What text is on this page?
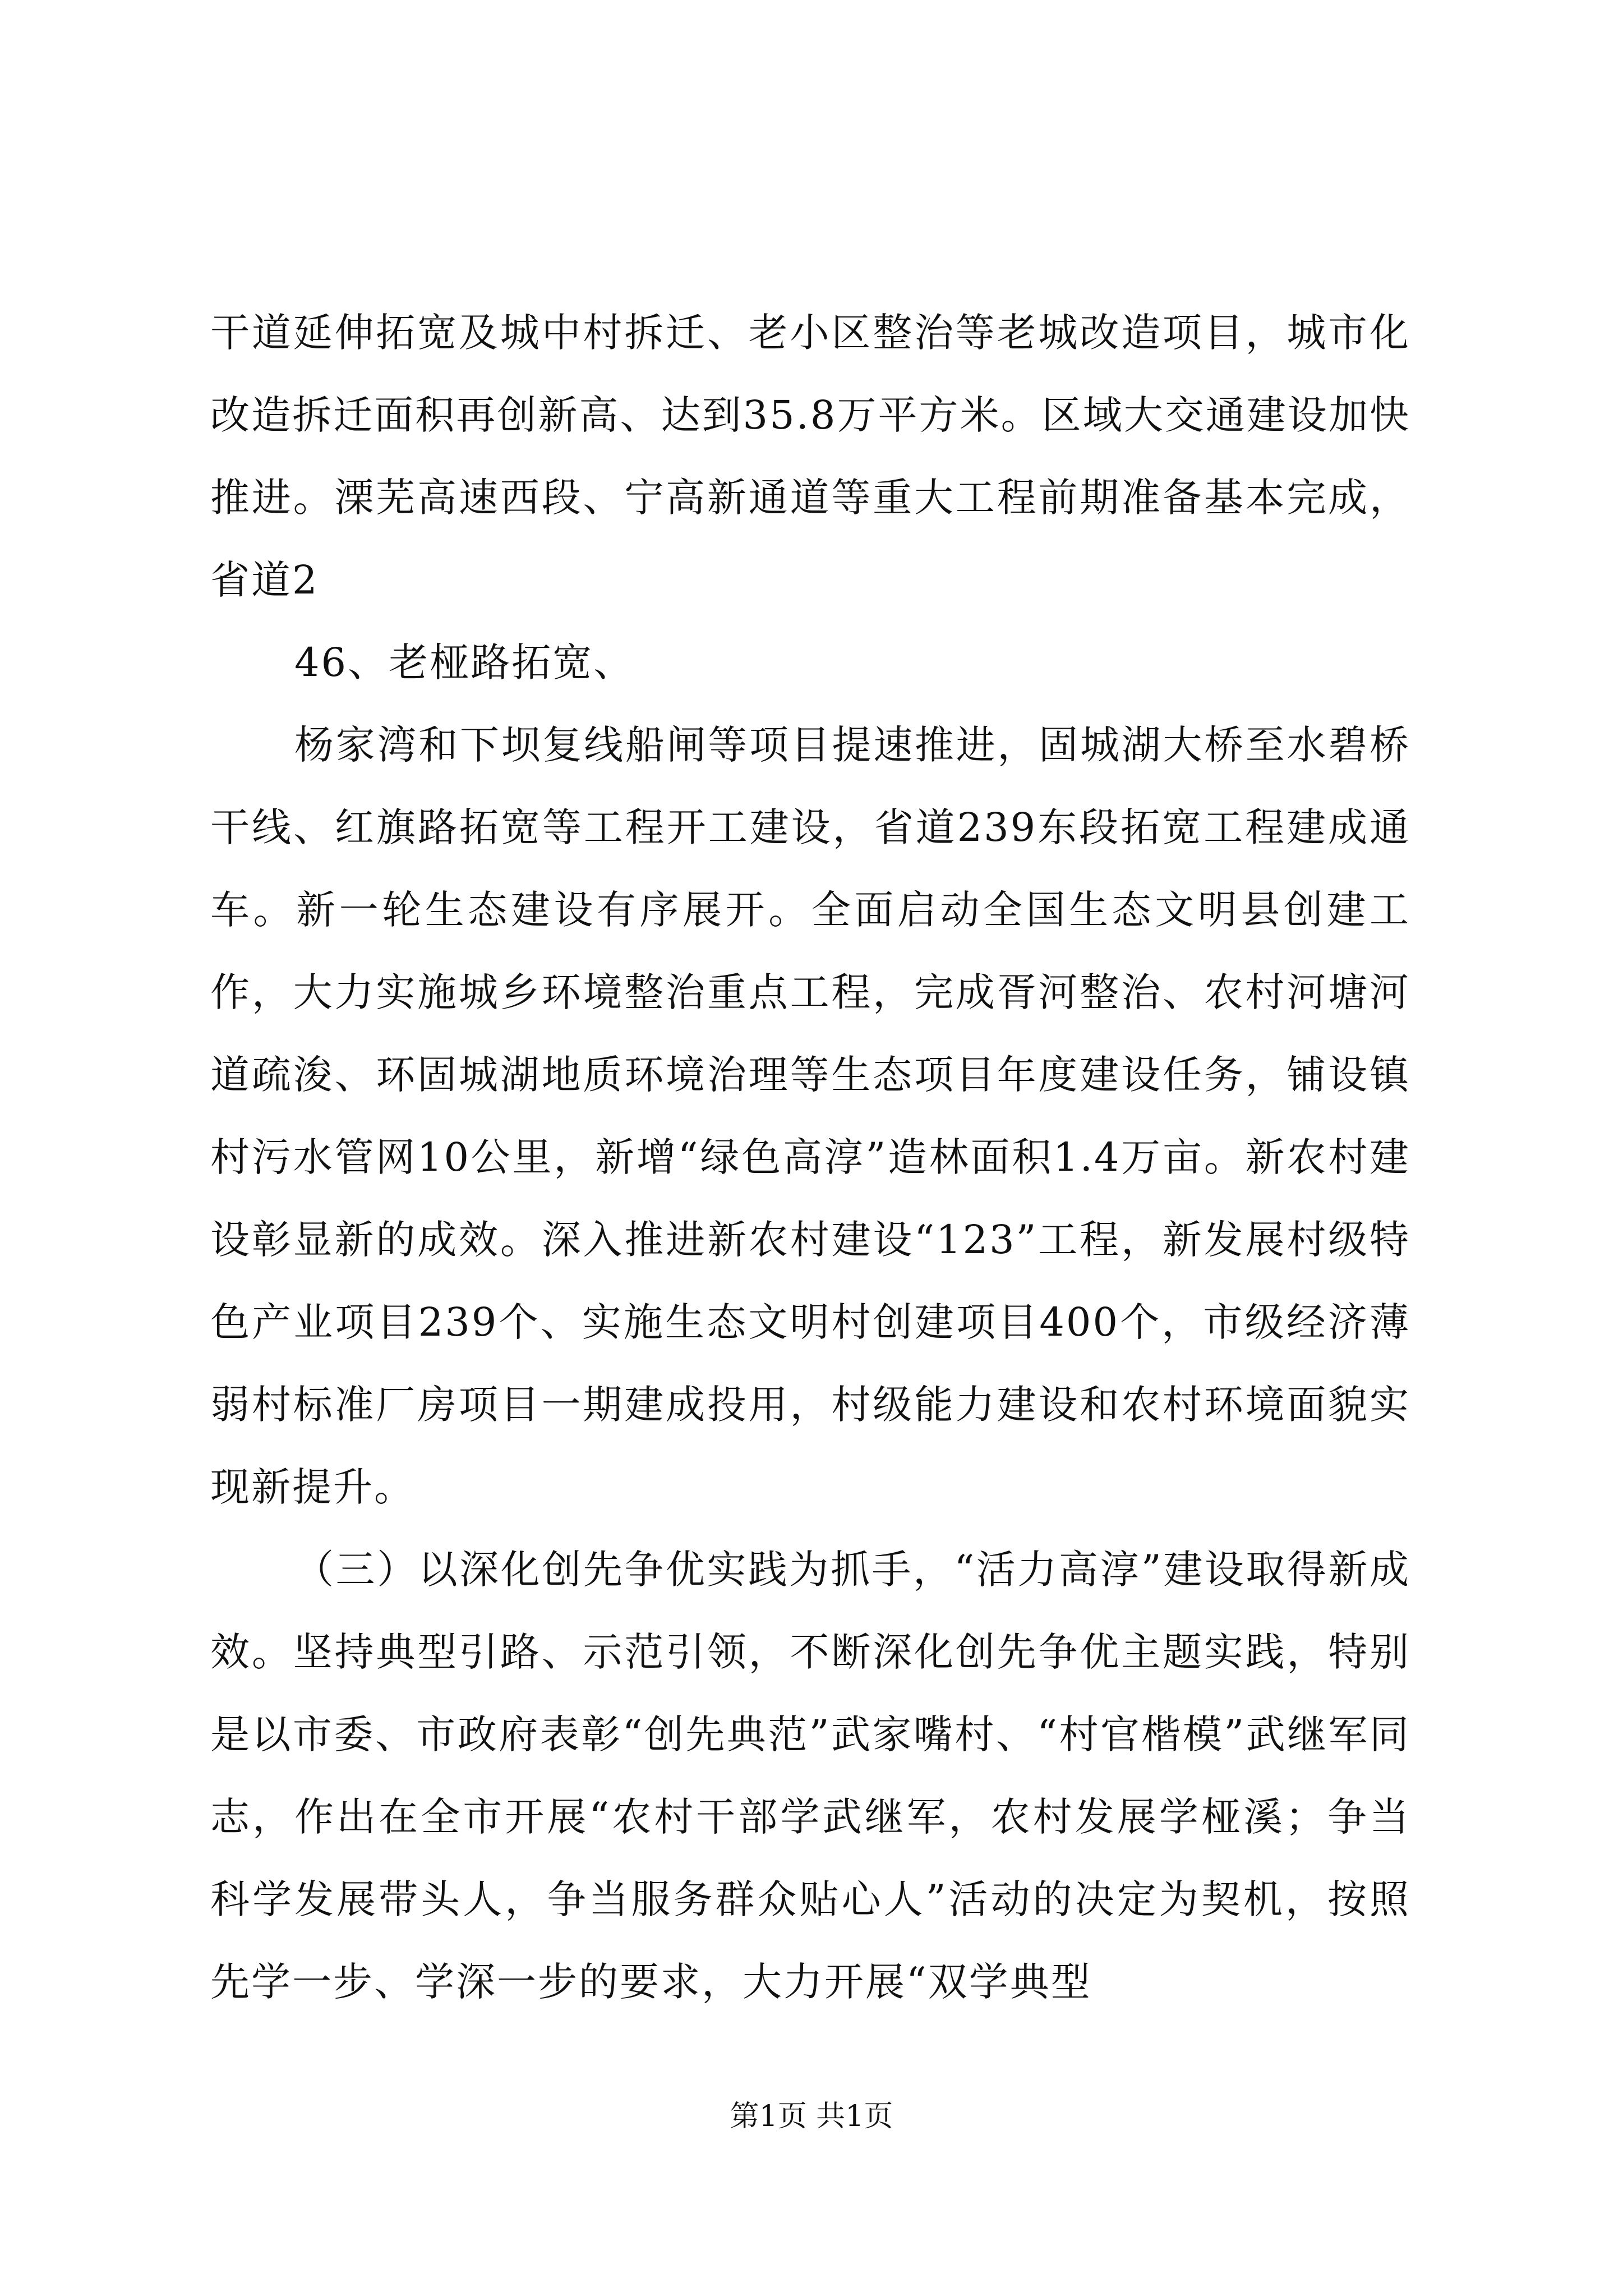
干道延伸拓宽及城中村拆迁、老小区整治等老城改造项目，城市化改造拆迁面积再创新高、达到35.8万平方米。区域大交通建设加快推进。溧芜高速西段、宁高新通道等重大工程前期准备基本完成，省道2

46、老桠路拓宽、

杨家湾和下坝复线船闸等项目提速推进，固城湖大桥至水碧桥干线、红旗路拓宽等工程开工建设，省道239东段拓宽工程建成通车。新一轮生态建设有序展开。全面启动全国生态文明县创建工作，大力实施城乡环境整治重点工程，完成胥河整治、农村河塘河道疏浚、环固城湖地质环境治理等生态项目年度建设任务，铺设镇村污水管网10公里，新增“绿色高淳”造林面积1.4万亩。新农村建设彰显新的成效。深入推进新农村建设“123”工程，新发展村级特色产业项目239个、实施生态文明村创建项目400个，市级经济薄弱村标准厂房项目一期建成投用，村级能力建设和农村环境面貌实现新提升。

（三）以深化创先争优实践为抓手，“活力高淳”建设取得新成效。坚持典型引路、示范引领，不断深化创先争优主题实践，特别是以市委、市政府表彰“创先典范”武家嘴村、“村官楷模”武继军同志，作出在全市开展“农村干部学武继军，农村发展学桠溪；争当科学发展带头人，争当服务群众贴心人”活动的决定为契机，按照先学一步、学深一步的要求，大力开展“双学典型

第1页 共1页
